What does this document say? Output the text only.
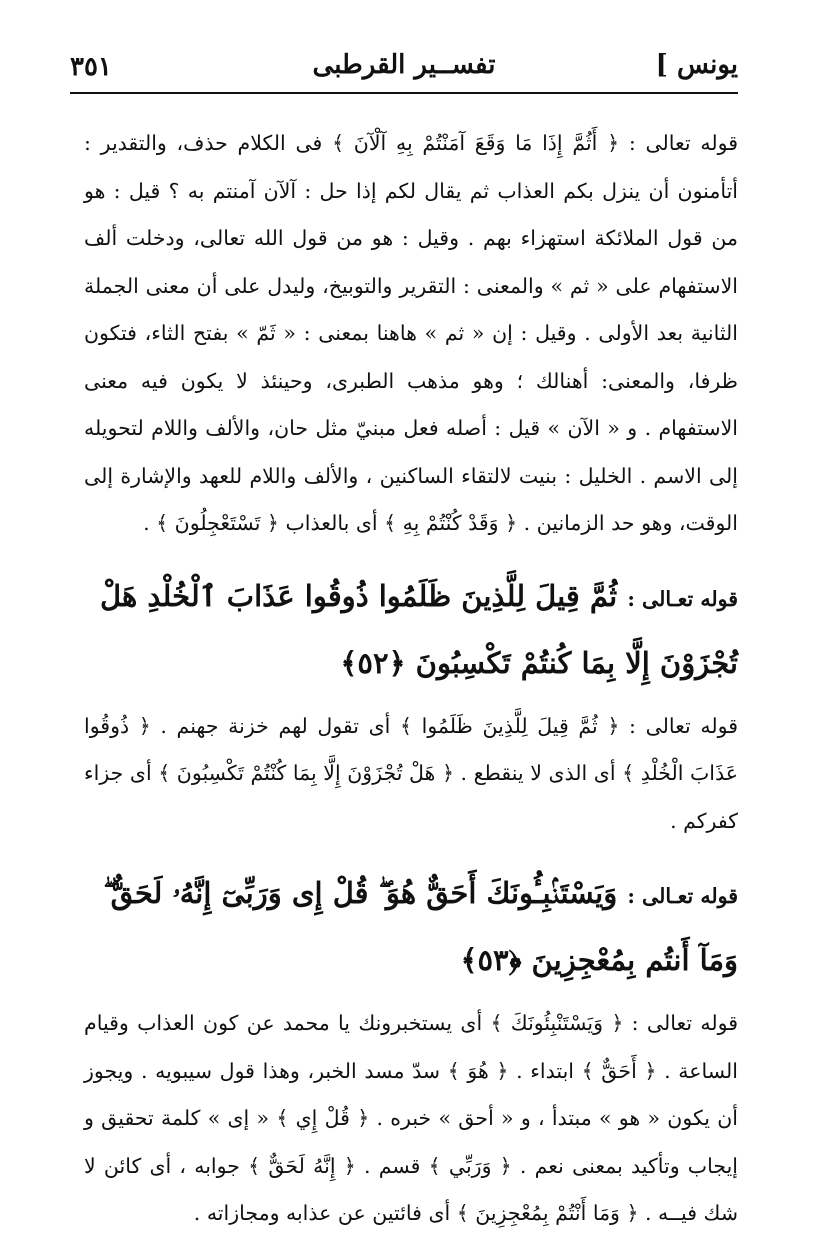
يونس ]
تفســير القرطبى
٣٥١

قوله تعالى : ﴿ أَثُمَّ إِذَا مَا وَقَعَ آمَنْتُمْ بِهِ آلْآنَ ﴾ فى الكلام حذف، والتقدير : أتأمنون أن ينزل بكم العذاب ثم يقال لكم إذا حل : آلآن آمنتم به ؟ قيل : هو من قول الملائكة استهزاء بهم . وقيل : هو من قول الله تعالى، ودخلت ألف الاستفهام على « ثم » والمعنى : التقرير والتوبيخ، وليدل على أن معنى الجملة الثانية بعد الأولى . وقيل : إن « ثم » هاهنا بمعنى : « ثَمّ » بفتح الثاء، فتكون ظرفا، والمعنى: أهنالك ؛ وهو مذهب الطبرى، وحينئذ لا يكون فيه معنى الاستفهام . و « الآن » قيل : أصله فعل مبنيّ مثل حان، والألف واللام لتحويله إلى الاسم . الخليل : بنيت لالتقاء الساكنين ، والألف واللام للعهد والإشارة إلى الوقت، وهو حد الزمانين . ﴿ وَقَدْ كُنْتُمْ بِهِ ﴾ أى بالعذاب ﴿ تَسْتَعْجِلُونَ ﴾ .

قوله تعـالى : ثُمَّ قِيلَ لِلَّذِينَ ظَلَمُوا ذُوقُوا عَذَابَ ٱلْخُلْدِ هَلْ تُجْزَوْنَ إِلَّا بِمَا كُنتُمْ تَكْسِبُونَ ﴿٥٢﴾

قوله تعالى : ﴿ ثُمَّ قِيلَ لِلَّذِينَ ظَلَمُوا ﴾ أى تقول لهم خزنة جهنم . ﴿ ذُوقُوا عَذَابَ الْخُلْدِ ﴾ أى الذى لا ينقطع . ﴿ هَلْ تُجْزَوْنَ إِلَّا بِمَا كُنْتُمْ تَكْسِبُونَ ﴾ أى جزاء كفركم .

قوله تعـالى : وَيَسْتَنۢبِـُٔونَكَ أَحَقٌّ هُوَ ۖ قُلْ إِى وَرَبِّىٓ إِنَّهُۥ لَحَقٌّ ۖ وَمَآ أَنتُم بِمُعْجِزِينَ ﴿٥٣﴾

قوله تعالى : ﴿ وَيَسْتَنْبِئُونَكَ ﴾ أى يستخبرونك يا محمد عن كون العذاب وقيام الساعة . ﴿ أَحَقٌّ ﴾ ابتداء . ﴿ هُوَ ﴾ سدّ مسد الخبر، وهذا قول سيبويه . ويجوز أن يكون « هو » مبتدأ ، و « أحق » خبره . ﴿ قُلْ إِي ﴾ « إى » كلمة تحقيق و إيجاب وتأكيد بمعنى نعم . ﴿ وَرَبِّي ﴾ قسم . ﴿ إِنَّهُ لَحَقٌّ ﴾ جوابه ، أى كائن لا شك فيــه . ﴿ وَمَا أَنْتُمْ بِمُعْجِزِينَ ﴾ أى فائتين عن عذابه ومجازاته .
